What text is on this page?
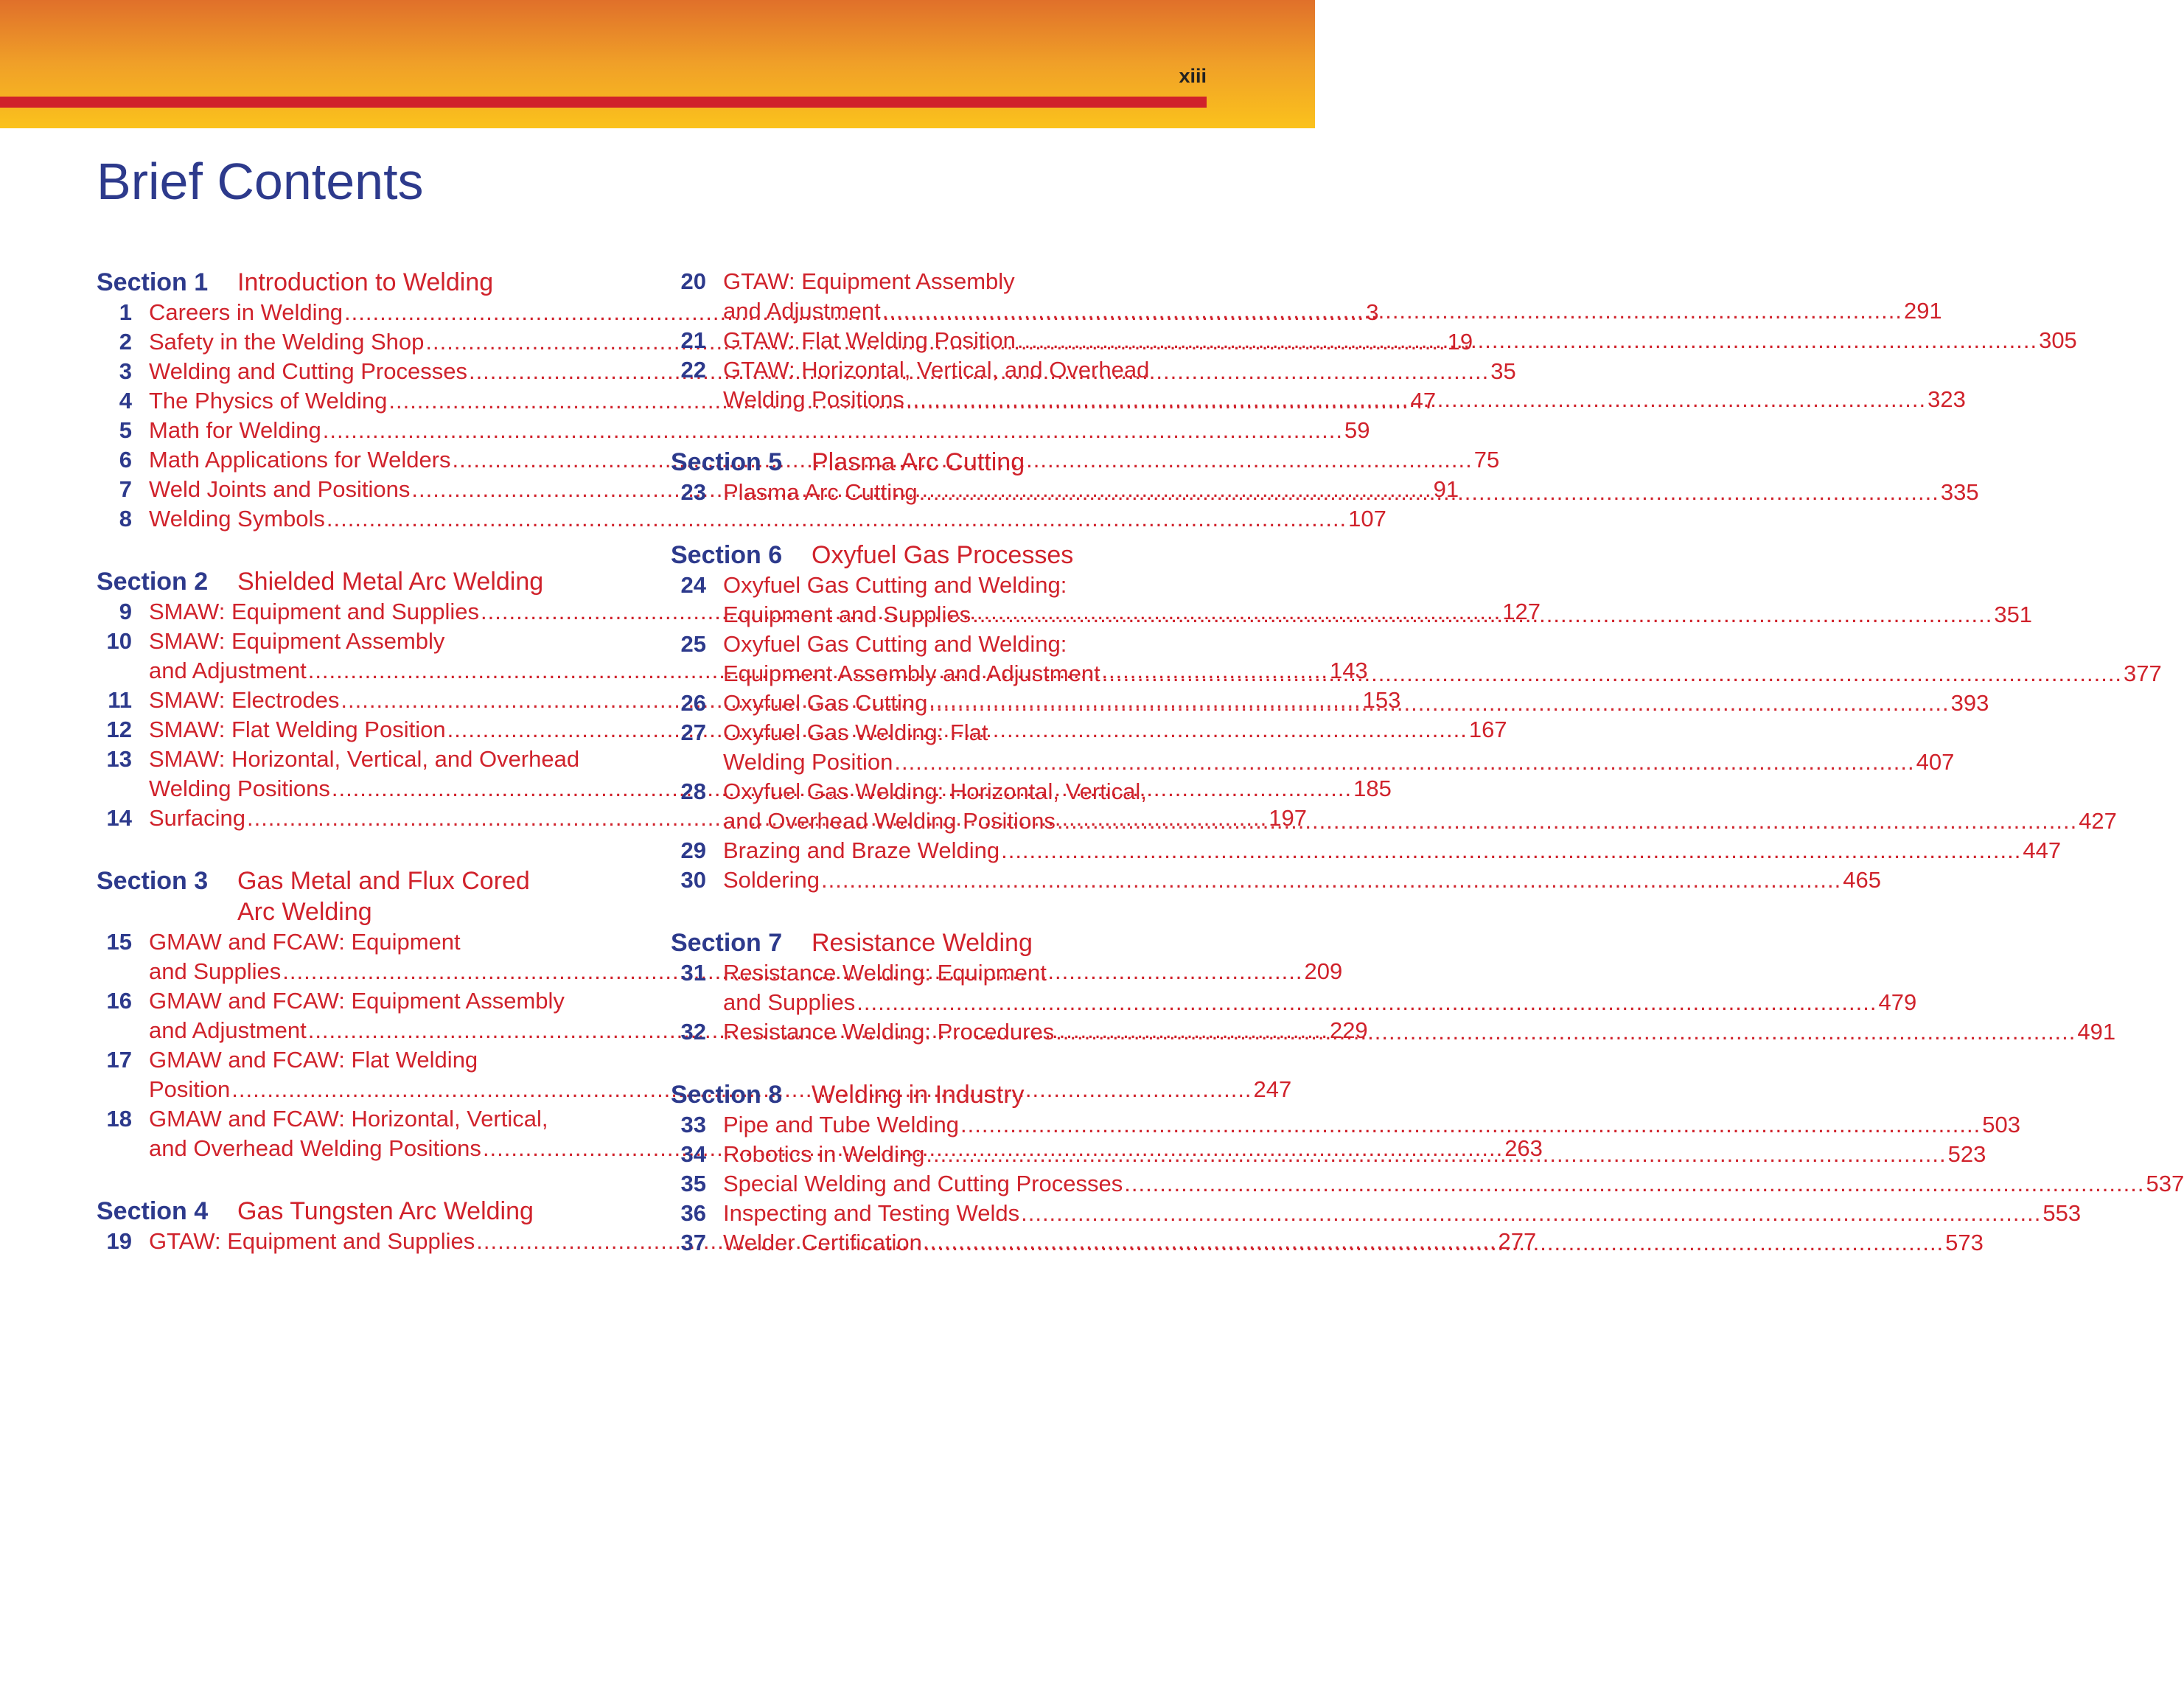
xiii
Brief Contents
Section 1	Introduction to Welding
1 Careers in Welding .....	3
2 Safety in the Welding Shop .....	19
3 Welding and Cutting Processes .....	35
4 The Physics of Welding .....	47
5 Math for Welding .....	59
6 Math Applications for Welders .....	75
7 Weld Joints and Positions .....	91
8 Welding Symbols .....	107
Section 2	Shielded Metal Arc Welding
9 SMAW: Equipment and Supplies .....	127
10 SMAW: Equipment Assembly
and Adjustment .....	143
11 SMAW: Electrodes .....	153
12 SMAW: Flat Welding Position .....	167
13 SMAW: Horizontal, Vertical, and Overhead
Welding Positions .....	185
14 Surfacing .....	197
Section 3	Gas Metal and Flux Cored
Arc Welding
15 GMAW and FCAW: Equipment
and Supplies .....	209
16 GMAW and FCAW: Equipment Assembly
and Adjustment .....	229
17 GMAW and FCAW: Flat Welding
Position .....	247
18 GMAW and FCAW: Horizontal, Vertical,
and Overhead Welding Positions .....	263
Section 4	Gas Tungsten Arc Welding
19 GTAW: Equipment and Supplies .....	277
20 GTAW: Equipment Assembly
and Adjustment .....	291
21 GTAW: Flat Welding Position .....	305
22 GTAW: Horizontal, Vertical, and Overhead
Welding Positions .....	323
Section 5	Plasma Arc Cutting
23 Plasma Arc Cutting .....	335
Section 6	Oxyfuel Gas Processes
24 Oxyfuel Gas Cutting and Welding:
Equipment and Supplies .....	351
25 Oxyfuel Gas Cutting and Welding:
Equipment Assembly and Adjustment .....	377
26 Oxyfuel Gas Cutting .....	393
27 Oxyfuel Gas Welding: Flat
Welding Position .....	407
28 Oxyfuel Gas Welding: Horizontal, Vertical,
and Overhead Welding Positions .....	427
29 Brazing and Braze Welding .....	447
30 Soldering .....	465
Section 7	Resistance Welding
31 Resistance Welding: Equipment
and Supplies .....	479
32 Resistance Welding: Procedures .....	491
Section 8	Welding in Industry
33 Pipe and Tube Welding .....	503
34 Robotics in Welding .....	523
35 Special Welding and Cutting Processes .....	537
36 Inspecting and Testing Welds .....	553
37 Welder Certification .....	573
